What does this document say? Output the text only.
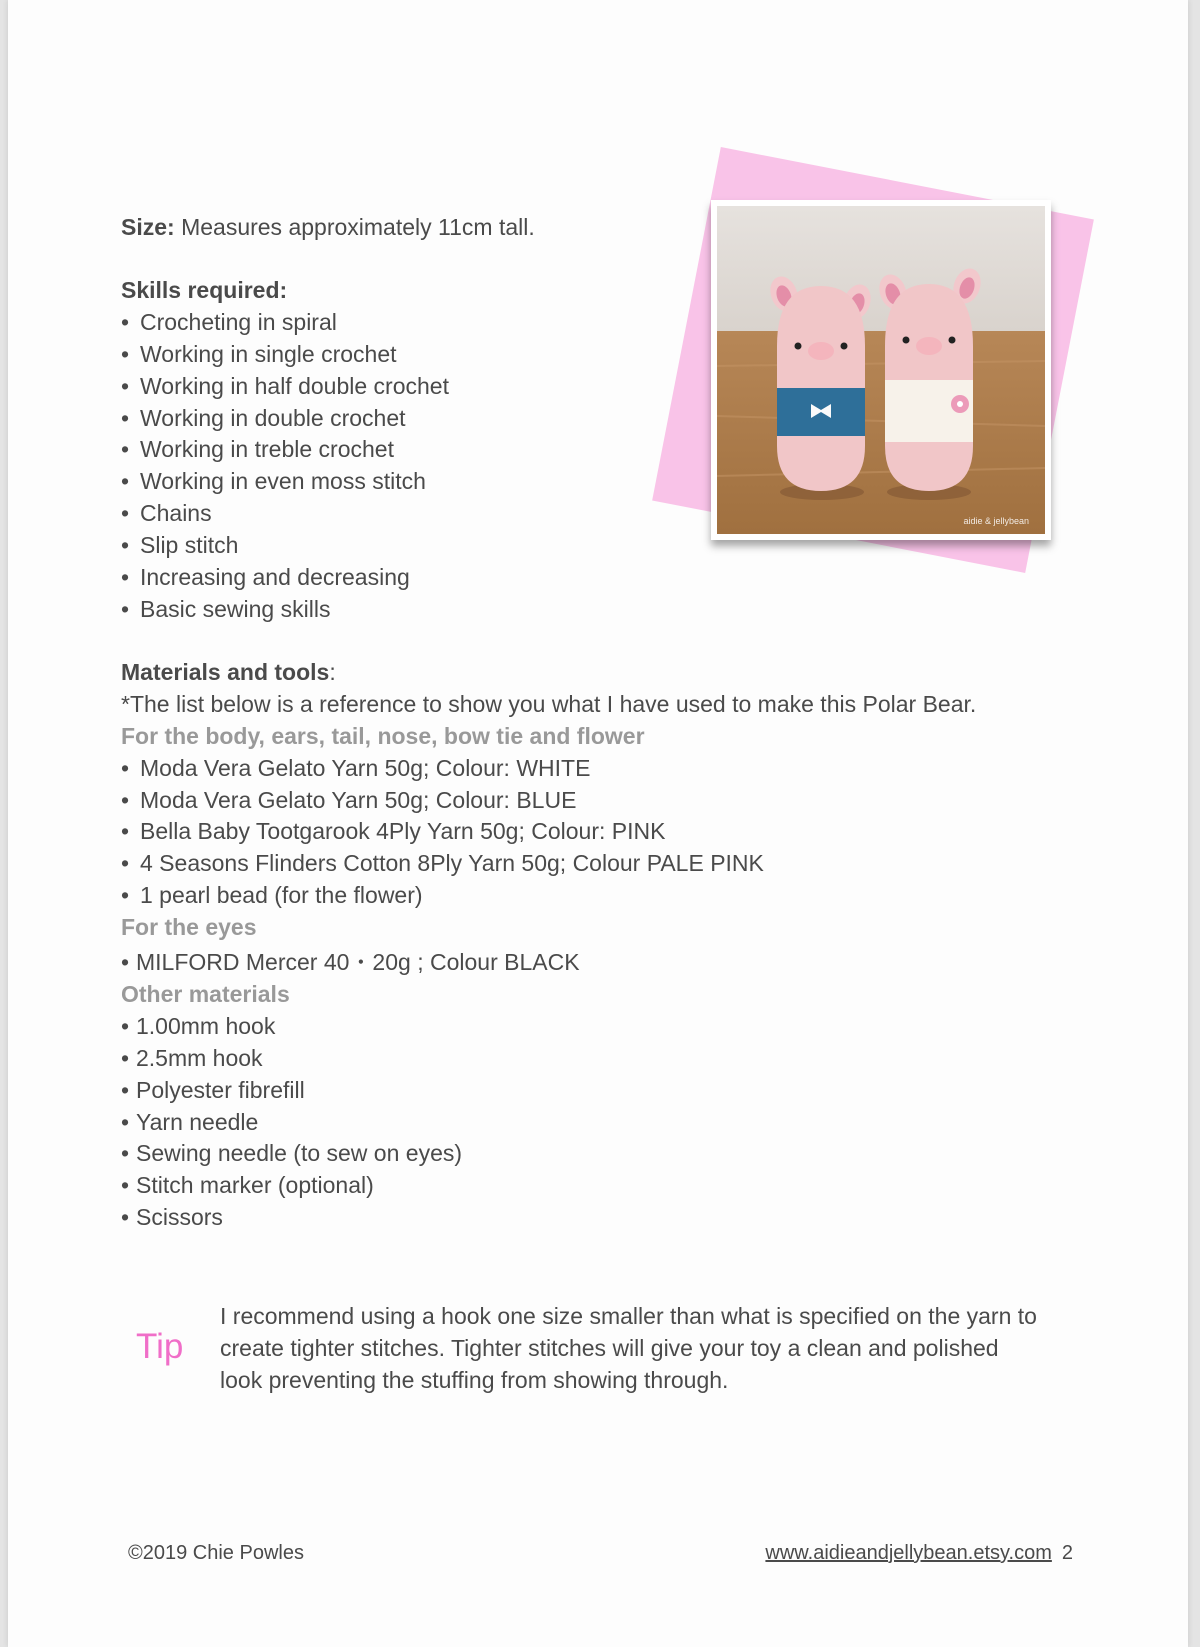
aidie & jellybean

Size: Measures approximately 11cm tall.

Skills required:

• Crocheting in spiral
• Working in single crochet
• Working in half double crochet
• Working in double crochet
• Working in treble crochet
• Working in even moss stitch
• Chains
• Slip stitch
• Increasing and decreasing
• Basic sewing skills

Materials and tools:

*The list below is a reference to show you what I have used to make this Polar Bear.

For the body, ears, tail, nose, bow tie and flower

• Moda Vera Gelato Yarn 50g; Colour: WHITE
• Moda Vera Gelato Yarn 50g; Colour: BLUE
• Bella Baby Tootgarook 4Ply Yarn 50g; Colour: PINK
• 4 Seasons Flinders Cotton 8Ply Yarn 50g; Colour PALE PINK
• 1 pearl bead (for the flower)

For the eyes

• MILFORD Mercer 40・20g ; Colour BLACK

Other materials

• 1.00mm hook
• 2.5mm hook
• Polyester fibrefill
• Yarn needle
• Sewing needle (to sew on eyes)
• Stitch marker (optional)
• Scissors
Tip
I recommend using a hook one size smaller than what is specified on the yarn to create tighter stitches. Tighter stitches will give your toy a clean and polished look preventing the stuffing from showing through.
©2019 Chie Powles	www.aidieandjellybean.etsy.com 2
